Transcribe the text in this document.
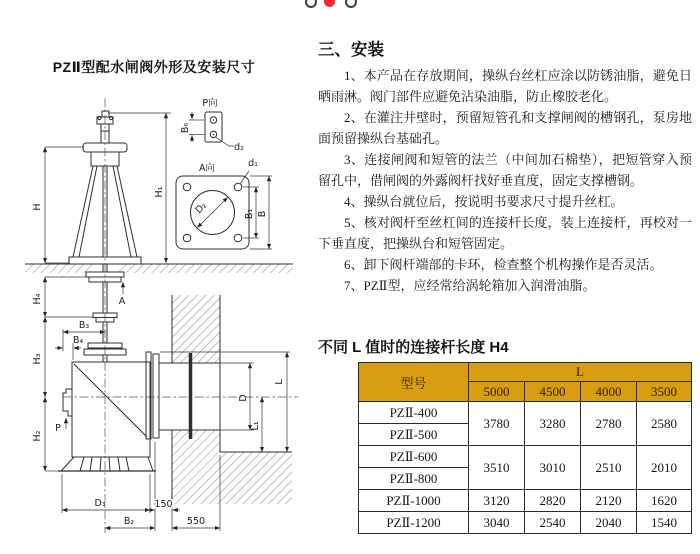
PZⅡ型配水闸阀外形及安装尺寸
H
H₁
H₄
H₃
H₂
B₃
B₄
A
P
D
L₁
L
D₃
B₂
150
550
P向
B₆
d₂
A向
D₂
d₁
B₁ B
三、安装

1、本产品在存放期间，操纵台丝杠应涂以防锈油脂，避免日晒雨淋。阀门部件应避免沾染油脂，防止橡胶老化。

2、在灌注井壁时，预留短管孔和支撑闸阀的槽钢孔，泵房地面预留操纵台基础孔。

3、连接闸阀和短管的法兰（中间加石棉垫），把短管穿入预留孔中，借闸阀的外露阀杆找好垂直度，固定支撑槽钢。

4、操纵台就位后，按说明书要求尺寸提升丝杠。

5、核对阀杆至丝杠间的连接杆长度，装上连接杆，再校对一下垂直度，把操纵台和短管固定。

6、卸下阀杆端部的卡环，检查整个机构操作是否灵活。

7、PZⅡ型，应经常给涡轮箱加入润滑油脂。

不同 L 值时的连接杆长度 H4

型号	L			
	5000	4500	4000	3500
PZⅡ-400	3780	3280	2780	2580
PZⅡ-500				
PZⅡ-600	3510	3010	2510	2010
PZⅡ-800				
PZⅡ-1000	3120	2820	2120	1620
PZⅡ-1200	3040	2540	2040	1540
